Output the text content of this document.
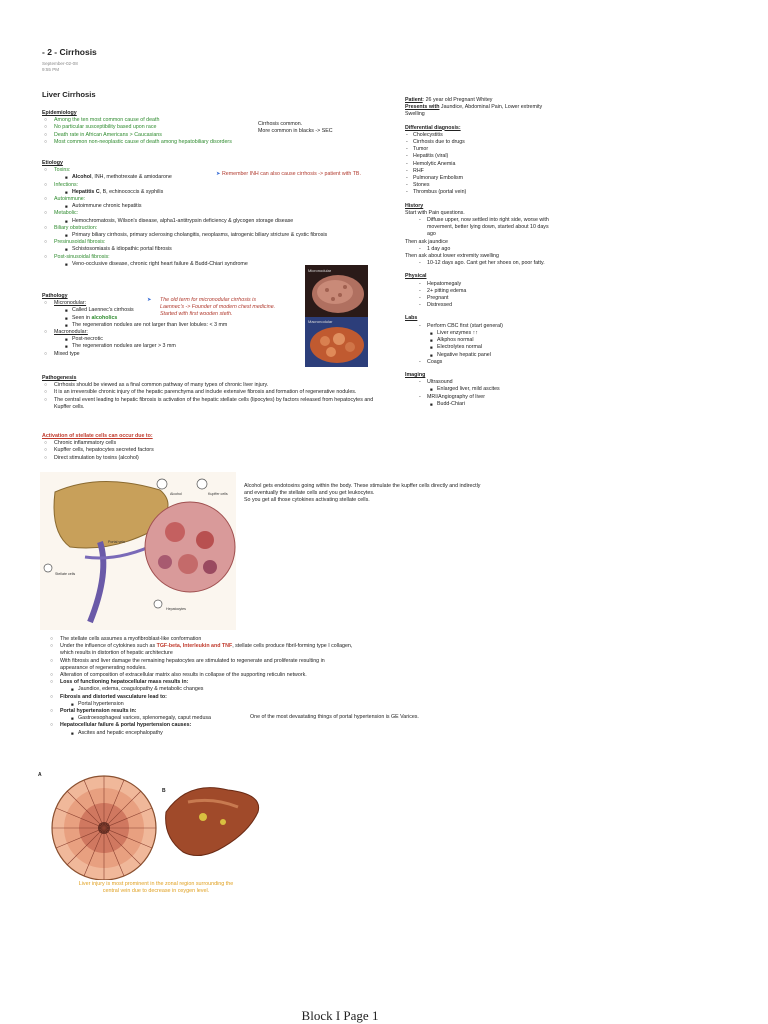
- 2 - Cirrhosis
September-02-08
9:55 PM
Liver Cirrhosis
Epidemiology
○ Among the ten most common cause of death
○ No particular susceptibility based upon race
○ Death rate in African Americans > Caucasians
○ Most common non-neoplastic cause of death among hepatobiliary disorders
Cirrhosis common.
More common in blacks -> SEC
Etiology
○ Toxins:
■ Alcohol, INH, methotrexate & amiodarone
○ Infections:
■ Hepatitis C, B, echinococcis & syphilis
○ Autoimmune:
■ Autoimmune chronic hepatitis
○ Metabolic:
■ Hemochromatosis, Wilson's disease, alpha1-antitrypsin deficiency & glycogen storage disease
○ Biliary obstruction:
■ Primary biliary cirrhosis, primary sclerosing cholangitis, neoplasms, iatrogenic biliary stricture & cystic fibrosis
○ Presinusoidal fibrosis:
■ Schistosomiasis & idiopathic portal fibrosis
○ Post-sinusoidal fibrosis:
■ Veno-occlusive disease, chronic right heart failure & Budd-Chiari syndrome
➤ Remember INH can also cause cirrhosis -> patient with TB.
Pathology
○ Micronodular:
■ Called Laennec's cirrhosis
■ Seen in alcoholics
■ The regeneration nodules are not larger than liver lobules: < 3 mm
○ Macronodular:
■ Post-necrotic
■ The regeneration nodules are larger > 3 mm
○ Mixed type
➤	The old term for micronodular cirrhosis is
Laennec's -> Founder of modern chest medicine.
Started with first wooden steth.
Micronodular
Macronodular
Pathogenesis
○ Cirrhosis should be viewed as a final common pathway of many types of chronic liver injury.
○ It is an irreversible chronic injury of the hepatic parenchyma and include extensive fibrosis and formation of regenerative nodules.
○ The central event leading to hepatic fibrosis is activation of the hepatic stellate cells (lipocytes) by factors released from hepatocytes and Kupffer cells.
Activation of stellate cells can occur due to:
○ Chronic inflammatory cells
○ Kupffer cells, hepatocytes secreted factors
○ Direct stimulation by toxins (alcohol)
Alcohol	Kupffer cells
Stellate cells
Portal vein
Hepatocytes
Alcohol gets endotoxins going within the body. These stimulate the kupffer cells directly and indirectly
and eventually the stellate cells and you get leukocytes.
So you get all those cytokines activating stellate cells.
○ The stellate cells assumes a myofibroblast-like conformation
○ Under the influence of cytokines such as TGF-beta, Interleukin and TNF, stellate cells produce fibril-forming type I collagen,
which results in distortion of hepatic architecture
○ With fibrosis and liver damage the remaining hepatocytes are stimulated to regenerate and proliferate resulting in
appearance of regenerating nodules.
○ Alteration of composition of extracellular matrix also results in collapse of the supporting reticulin network.
○ Loss of functioning hepatocellular mass results in:
■ Jaundice, edema, coagulopathy & metabolic changes
○ Fibrosis and distorted vasculature lead to:
■ Portal hypertension
○ Portal hypertension results in:
■ Gastroesophageal varices, splenomegaly, caput medusa
○ Hepatocellular failure & portal hypertension causes:
■ Ascites and hepatic encephalopathy
One of the most devastating things of portal hypertension is GE Varices.
A
B
Liver injury is most prominent in the zonal region surrounding the
central vein due to decrease in oxygen level.
Patient: 26 year old Pregnant Whitey
Presents with Jaundice, Abdominal Pain, Lower extremity Swelling
Differential diagnosis:
- Cholecystitis
- Cirrhosis due to drugs
- Tumor
- Hepatitis (viral)
- Hemolytic Anemia
- RHF
- Pulmonary Embolism
- Stones
- Thrombus (portal vein)
History
Start with Pain questions.
- Diffuse upper, now settled into right side, worse with movement, better lying down, started about 10 days ago
Then ask jaundice
- 1 day ago
Then ask about lower extremity swelling
- 10-12 days ago. Cant get her shoes on, poor fatty.
Physical
- Hepatomegaly
- 2+ pitting edema
- Pregnant
- Distressed
Labs
- Perform CBC first (start general)
■ Liver enzymes ↑↑
■ Alkphos normal
■ Electrolytes normal
■ Negative hepatic panel
- Coags
Imaging
- Ultrasound
■ Enlarged liver, mild ascites
- MRI/Angiography of liver
■ Budd-Chiari
Block I Page 1
